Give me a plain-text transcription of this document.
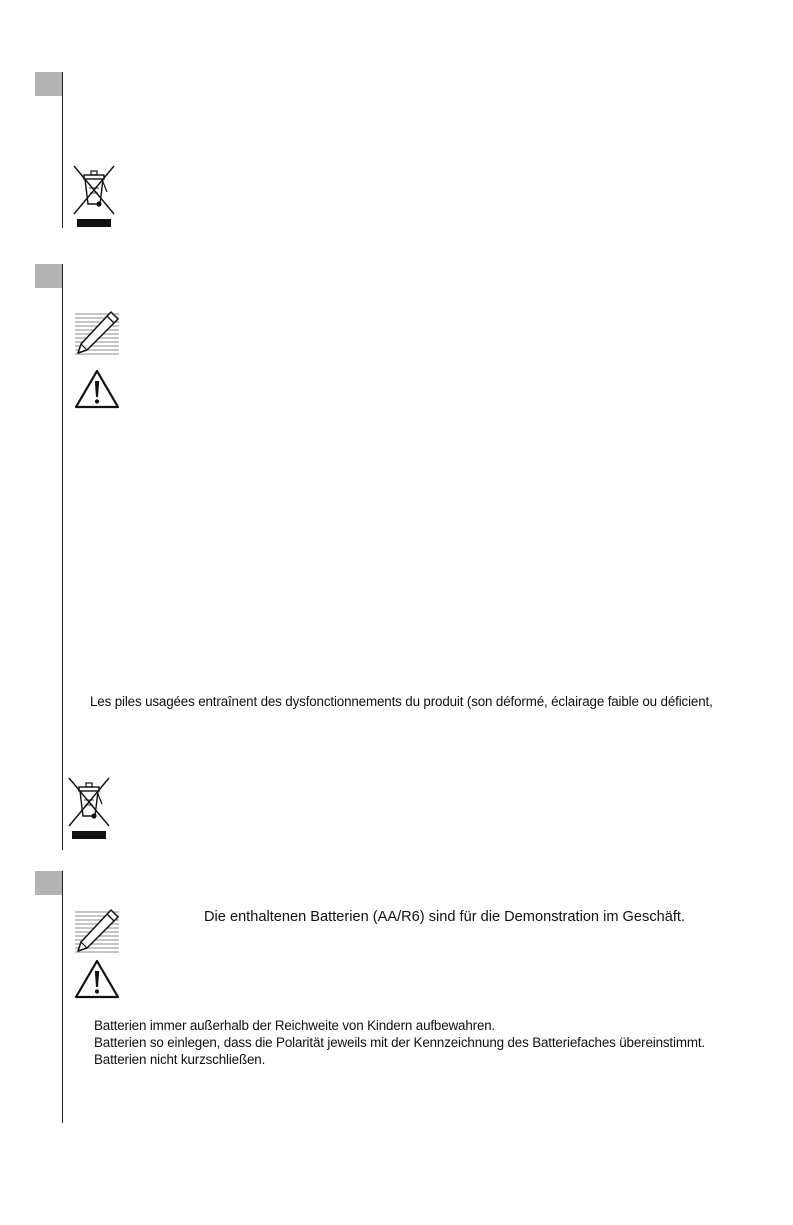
Les piles usagées entraînent des dysfonctionnements du produit (son déformé, éclairage faible ou déficient,
Die enthaltenen Batterien (AA/R6) sind für die Demonstration im Geschäft.
Batterien immer außerhalb der Reichweite von Kindern aufbewahren.
Batterien so einlegen, dass die Polarität jeweils mit der Kennzeichnung des Batteriefaches übereinstimmt.
Batterien nicht kurzschließen.
